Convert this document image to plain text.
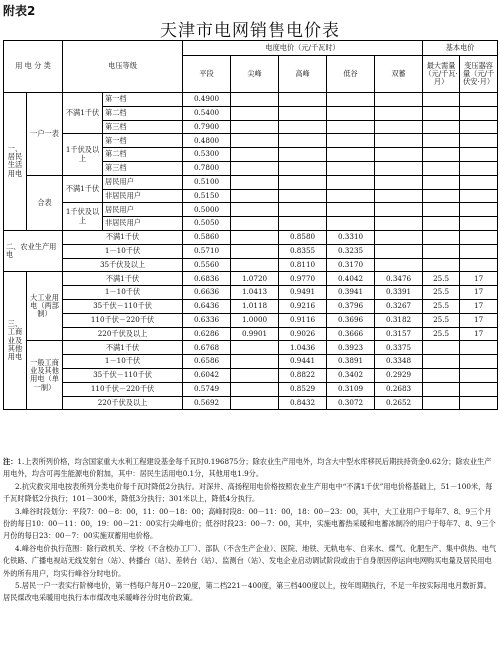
附表2
天津市电网销售电价表
用 电 分 类		电压等级		电度电价（元/千瓦时）					基本电价	
				平段	尖峰	高峰	低谷	双蓄	最大需量（元/千瓦·月）	变压器容量（元/千伏安·月）
一、居民生活用电	一户一表	不满1千伏	第一档	0.4900						
			第二档	0.5400						
			第三档	0.7900						
		1千伏及以上	第一档	0.4800						
			第二档	0.5300						
			第三档	0.7800						
	合表	不满1千伏	居民用户	0.5100						
			非居民用户	0.5150						
		1千伏及以上	居民用户	0.5000						
			非居民用户	0.5050						
二、农业生产用电		不满1千伏		0.5860		0.8580	0.3310			
		1－10千伏		0.5710		0.8355	0.3235			
		35千伏及以上		0.5560		0.8110	0.3170			
三、工商业及其他用电	大工业用电（两部制）	不满1千伏		0.6836	1.0720	0.9770	0.4042	0.3476	25.5	17
		1－10千伏		0.6636	1.0413	0.9491	0.3941	0.3391	25.5	17
		35千伏－110千伏		0.6436	1.0118	0.9216	0.3796	0.3267	25.5	17
		110千伏－220千伏		0.6336	1.0000	0.9116	0.3696	0.3182	25.5	17
		220千伏及以上		0.6286	0.9901	0.9026	0.3666	0.3157	25.5	17
	一般工商业及其他用电（单一制）	不满1千伏		0.6768		1.0436	0.3923	0.3375		
		1－10千伏		0.6586		0.9441	0.3891	0.3348		
		35千伏－110千伏		0.6042		0.8822	0.3402	0.2929		
		110千伏－220千伏		0.5749		0.8529	0.3109	0.2683		
		220千伏及以上		0.5692		0.8432	0.3072	0.2652		

注：1.上表所列价格，均含国家重大水利工程建设基金每千瓦时0.196875分；除农业生产用电外，均含大中型水库移民后期扶持资金0.62分；除农业生产用电外，均含可再生能源电价附加，其中：居民生活用电0.1分，其他用电1.9分。

2.抗灾救灾用电按表所列分类电价每千瓦时降低2分执行。对深井、高扬程用电价格按照农业生产用电中“不满1千伏”用电价格基础上，51－100米，每千瓦时降低2分执行；101－300米，降低3分执行；301米以上，降低4分执行。

3.峰谷时段划分：平段7：00－8：00，11：00－18：00；高峰时段8：00－11：00，18：00－23：00，其中，大工业用户于每年7、8、9三个月份的每日10：00－11：00，19：00－21：00实行尖峰电价；低谷时段23：00－7：00，其中，实施电蓄热采暖和电蓄冰制冷的用户于每年7、8、9三个月份的每日23：00－7：00实施双蓄用电价格。

4.峰谷电价执行范围：除行政机关、学校（不含校办工厂）、部队（不含生产企业）、医院、地铁、无轨电车、自来水、煤气、化肥生产、集中供热、电气化铁路、广播电视站无线发射台（站）、转播台（站）、差转台（站）、监测台（站）、发电企业启动调试阶段或由于自身原因停运向电网购买电量及居民用电外的所有用户，均实行峰谷分时电价。

5.居民一户一表实行阶梯电价，第一档每户每月0－220度，第二档221－400度，第三档400度以上，按年周期执行，不足一年按实际用电月数折算。居民煤改电采暖用电执行本市煤改电采暖峰谷分时电价政策。
